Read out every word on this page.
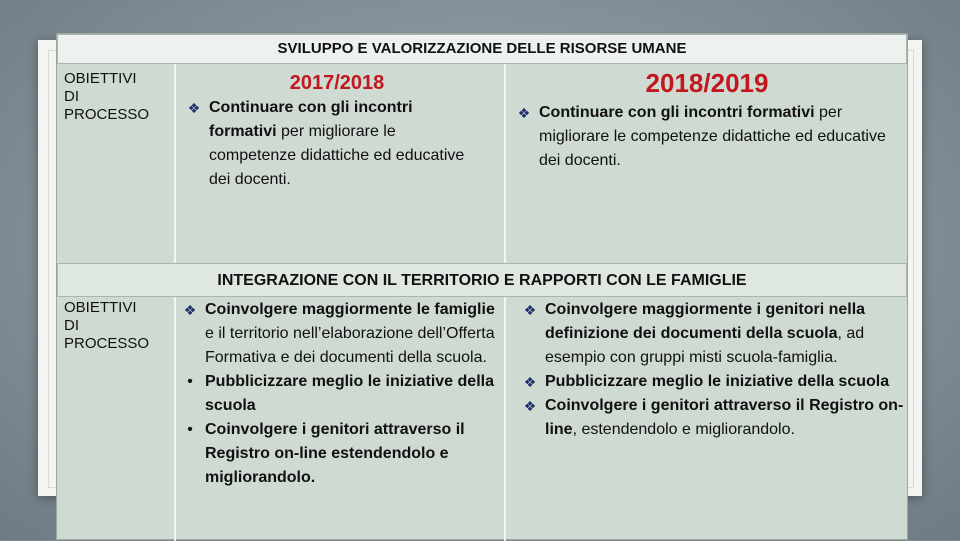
SVILUPPO E VALORIZZAZIONE DELLE RISORSE UMANE
INTEGRAZIONE CON IL TERRITORIO E RAPPORTI CON LE FAMIGLIE
OBIETTIVI
DI
PROCESSO
2017/2018	2018/2019
❖ Continuare con gli incontri formativi per migliorare le competenze didattiche ed educative dei docenti.
❖ Continuare con gli incontri formativi per migliorare le competenze didattiche ed educative dei docenti.
OBIETTIVI
DI
PROCESSO
❖ Coinvolgere maggiormente le famiglie e il territorio nell’elaborazione dell’Offerta Formativa e dei documenti della scuola.
• Pubblicizzare meglio le iniziative della scuola
• Coinvolgere i genitori attraverso il Registro on-line estendendolo e migliorandolo.
❖ Coinvolgere maggiormente i genitori nella definizione dei documenti della scuola, ad esempio con gruppi misti scuola-famiglia.
❖ Pubblicizzare meglio le iniziative della scuola
❖ Coinvolgere i genitori attraverso il Registro on-line, estendendolo e migliorandolo.
